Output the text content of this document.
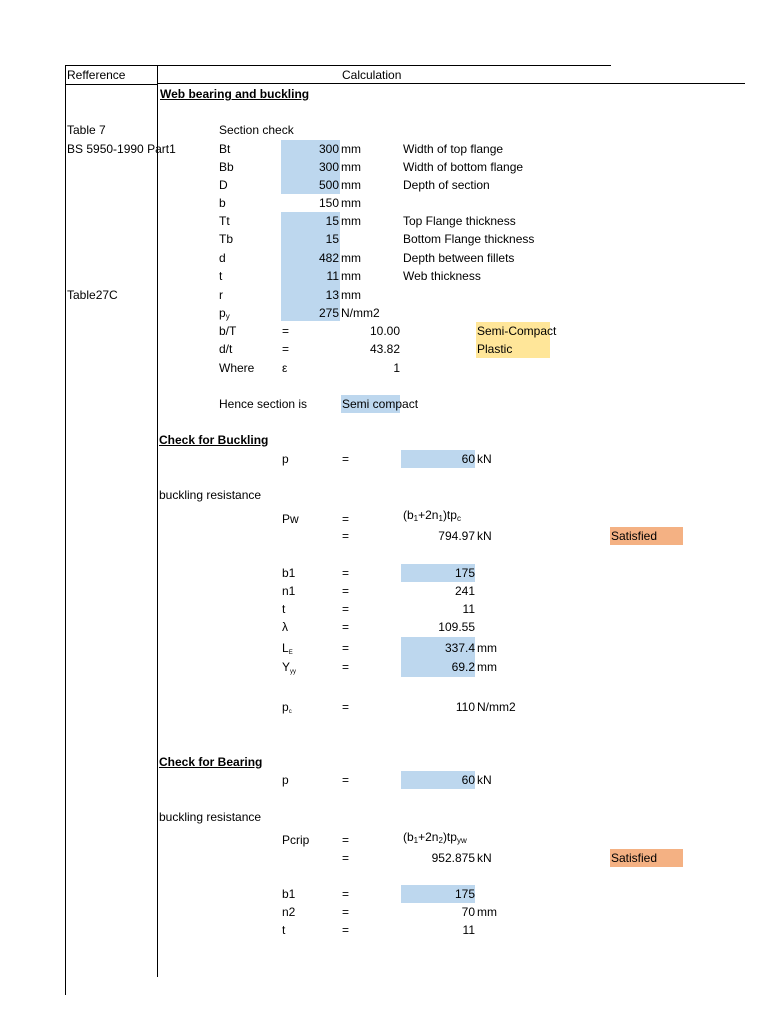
Refference	Calculation
Web bearing and buckling
Table 7
BS 5950-1990 Part1
Table27C
Section check
Bt	300 mm	Width of top flange
Bb	300 mm	Width of bottom flange
D	500 mm	Depth of section
b	150 mm
Tt	15 mm	Top Flange thickness
Tb	15	Bottom Flange thickness
d	482 mm	Depth between fillets
t	11 mm	Web thickness
r	13 mm
$p_y$	275 N/mm2
b/T	=	10.00	Semi-Compact
d/t	=	43.82	Plastic
Where ε	1
Hence section is	Semi compact
Check for Buckling
p	=	60 kN
buckling resistance
Pw	=	$(b_1+2n_1)tp_c$
=	794.97 kN	Satisfied
b1	=	175
n1	=	241
t	=	11
λ	=	109.55
$L_E$	=	337.4 mm
$Y_{yy}$	=	69.2 mm
$p_c$	=	110 N/mm2
Check for Bearing
p	=	60 kN
buckling resistance
Pcrip	=	$(b_1+2n_2)tp_{yw}$
=	952.875 kN	Satisfied
b1	=	175
n2	=	70 mm
t	=	11
